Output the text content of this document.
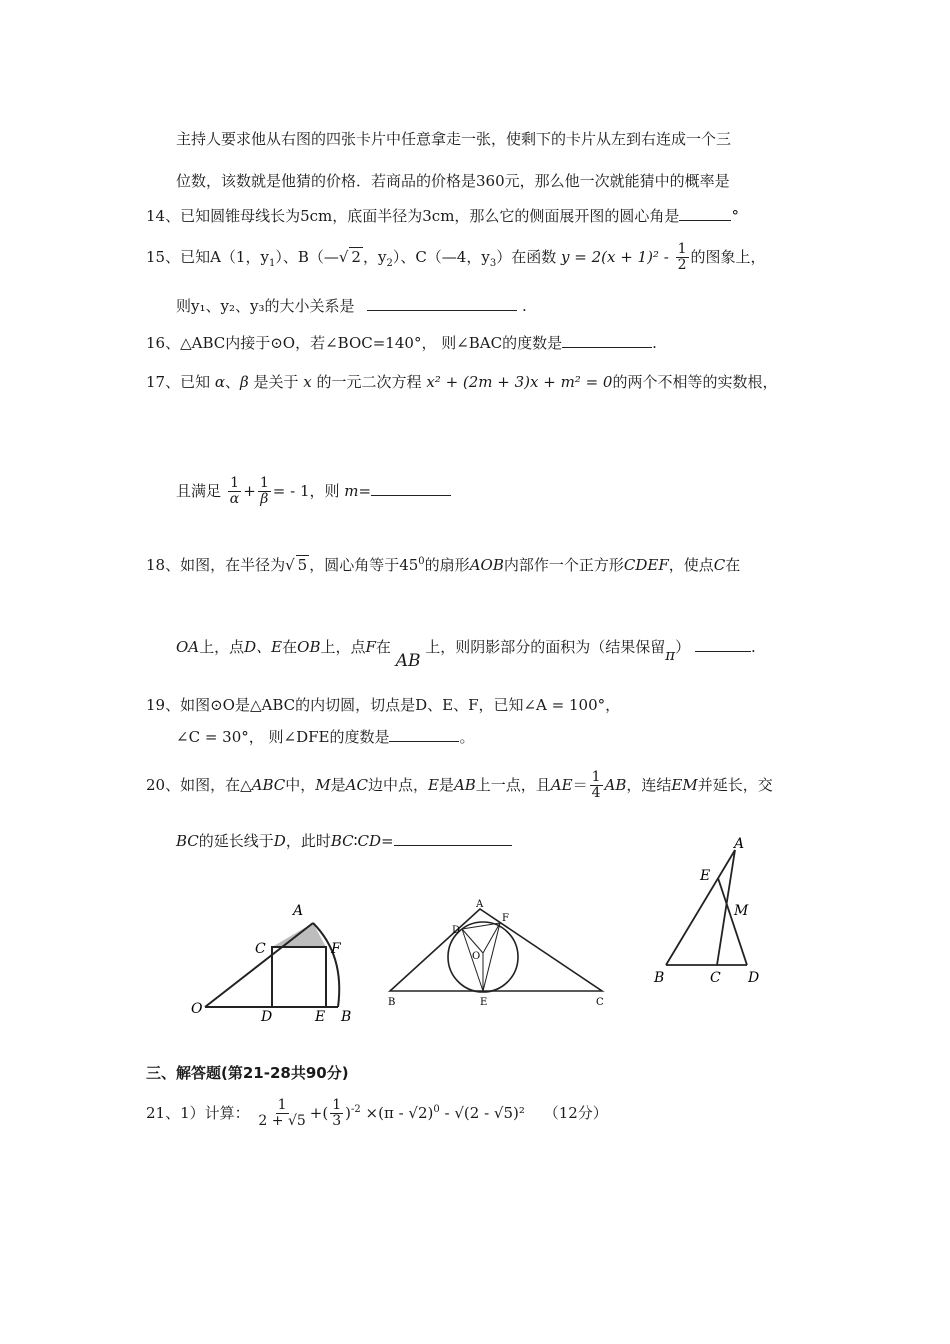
主持人要求他从右图的四张卡片中任意拿走一张，使剩下的卡片从左到右连成一个三
位数，该数就是他猜的价格．若商品的价格是360元，那么他一次就能猜中的概率是
14、已知圆锥母线长为5cm，底面半径为3cm，那么它的侧面展开图的圆心角是	°
15、已知A（1，$y_1$）、B（—√ 2 ，$y_2$）、C（—4，$y_3$）在函数 $y = 2(x + 1)^2 - \frac{1}{2}$ 的图象上，
则y₁、y₂、y₃的大小关系是	.
16、△ABC内接于⊙O，若∠BOC=140°， 则∠BAC的度数是	.
17、已知 α、β 是关于 x 的一元二次方程 x² + (2m + 3)x + m² = 0的两个不相等的实数根，
且满足 $\frac{1}{\alpha} + \frac{1}{\beta}$ = - 1，则 m=
18、如图，在半径为√ 5 ，圆心角等于$45^0$的扇形AOB内部作一个正方形CDEF，使点C在
OA上，点D、E在OB上，点F在 AB 上，则阴影部分的面积为（结果保留π）	.
19、如图⊙O是△ABC的内切圆，切点是D、E、F，已知∠A = 100°，
∠C = 30°， 则∠DFE的度数是	。
20、如图，在△ABC中，M是AC边中点，E是AB上一点，且$AE= \frac{1}{4}$ AB，连结EM并延长，交
BC的延长线于D，此时BC∶CD=
A
C	F
O	D	E B
A
D
F
O
B	E	C
A
E
M
B	C D
三、解答题(第21-28共90分)
21、1）计算： $\frac{1}{2 + √5}$ +( $\frac{1}{3} )^{-2} \times(\pi - √2)^0 - √(2 - √5)^2$ （12分）
